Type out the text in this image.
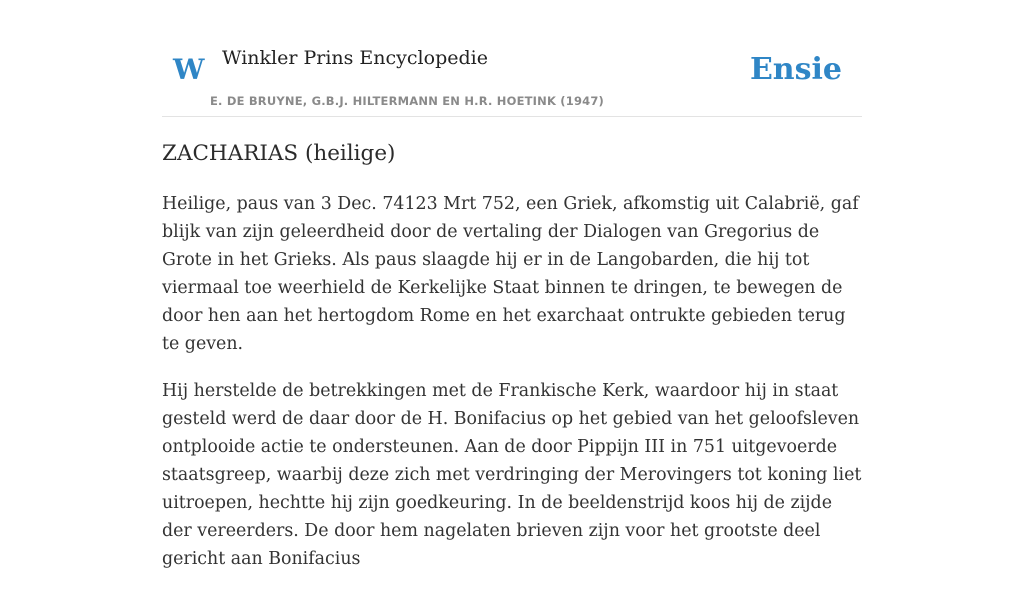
W Winkler Prins Encyclopedie
E. DE BRUYNE, G.B.J. HILTERMANN EN H.R. HOETINK (1947)
Ensie
ZACHARIAS (heilige)

Heilige, paus van 3 Dec. 74123 Mrt 752, een Griek, afkomstig uit Calabrië, gaf blijk van zijn geleerdheid door de vertaling der Dialogen van Gregorius de Grote in het Grieks. Als paus slaagde hij er in de Langobarden, die hij tot viermaal toe weerhield de Kerkelijke Staat binnen te dringen, te bewegen de door hen aan het hertogdom Rome en het exarchaat ontrukte gebieden terug te geven.

Hij herstelde de betrekkingen met de Frankische Kerk, waardoor hij in staat gesteld werd de daar door de H. Bonifacius op het gebied van het geloofsleven ontplooide actie te ondersteunen. Aan de door Pippijn III in 751 uitgevoerde staatsgreep, waarbij deze zich met verdringing der Merovingers tot koning liet uitroepen, hechtte hij zijn goedkeuring. In de beeldenstrijd koos hij de zijde der vereerders. De door hem nagelaten brieven zijn voor het grootste deel gericht aan Bonifacius
